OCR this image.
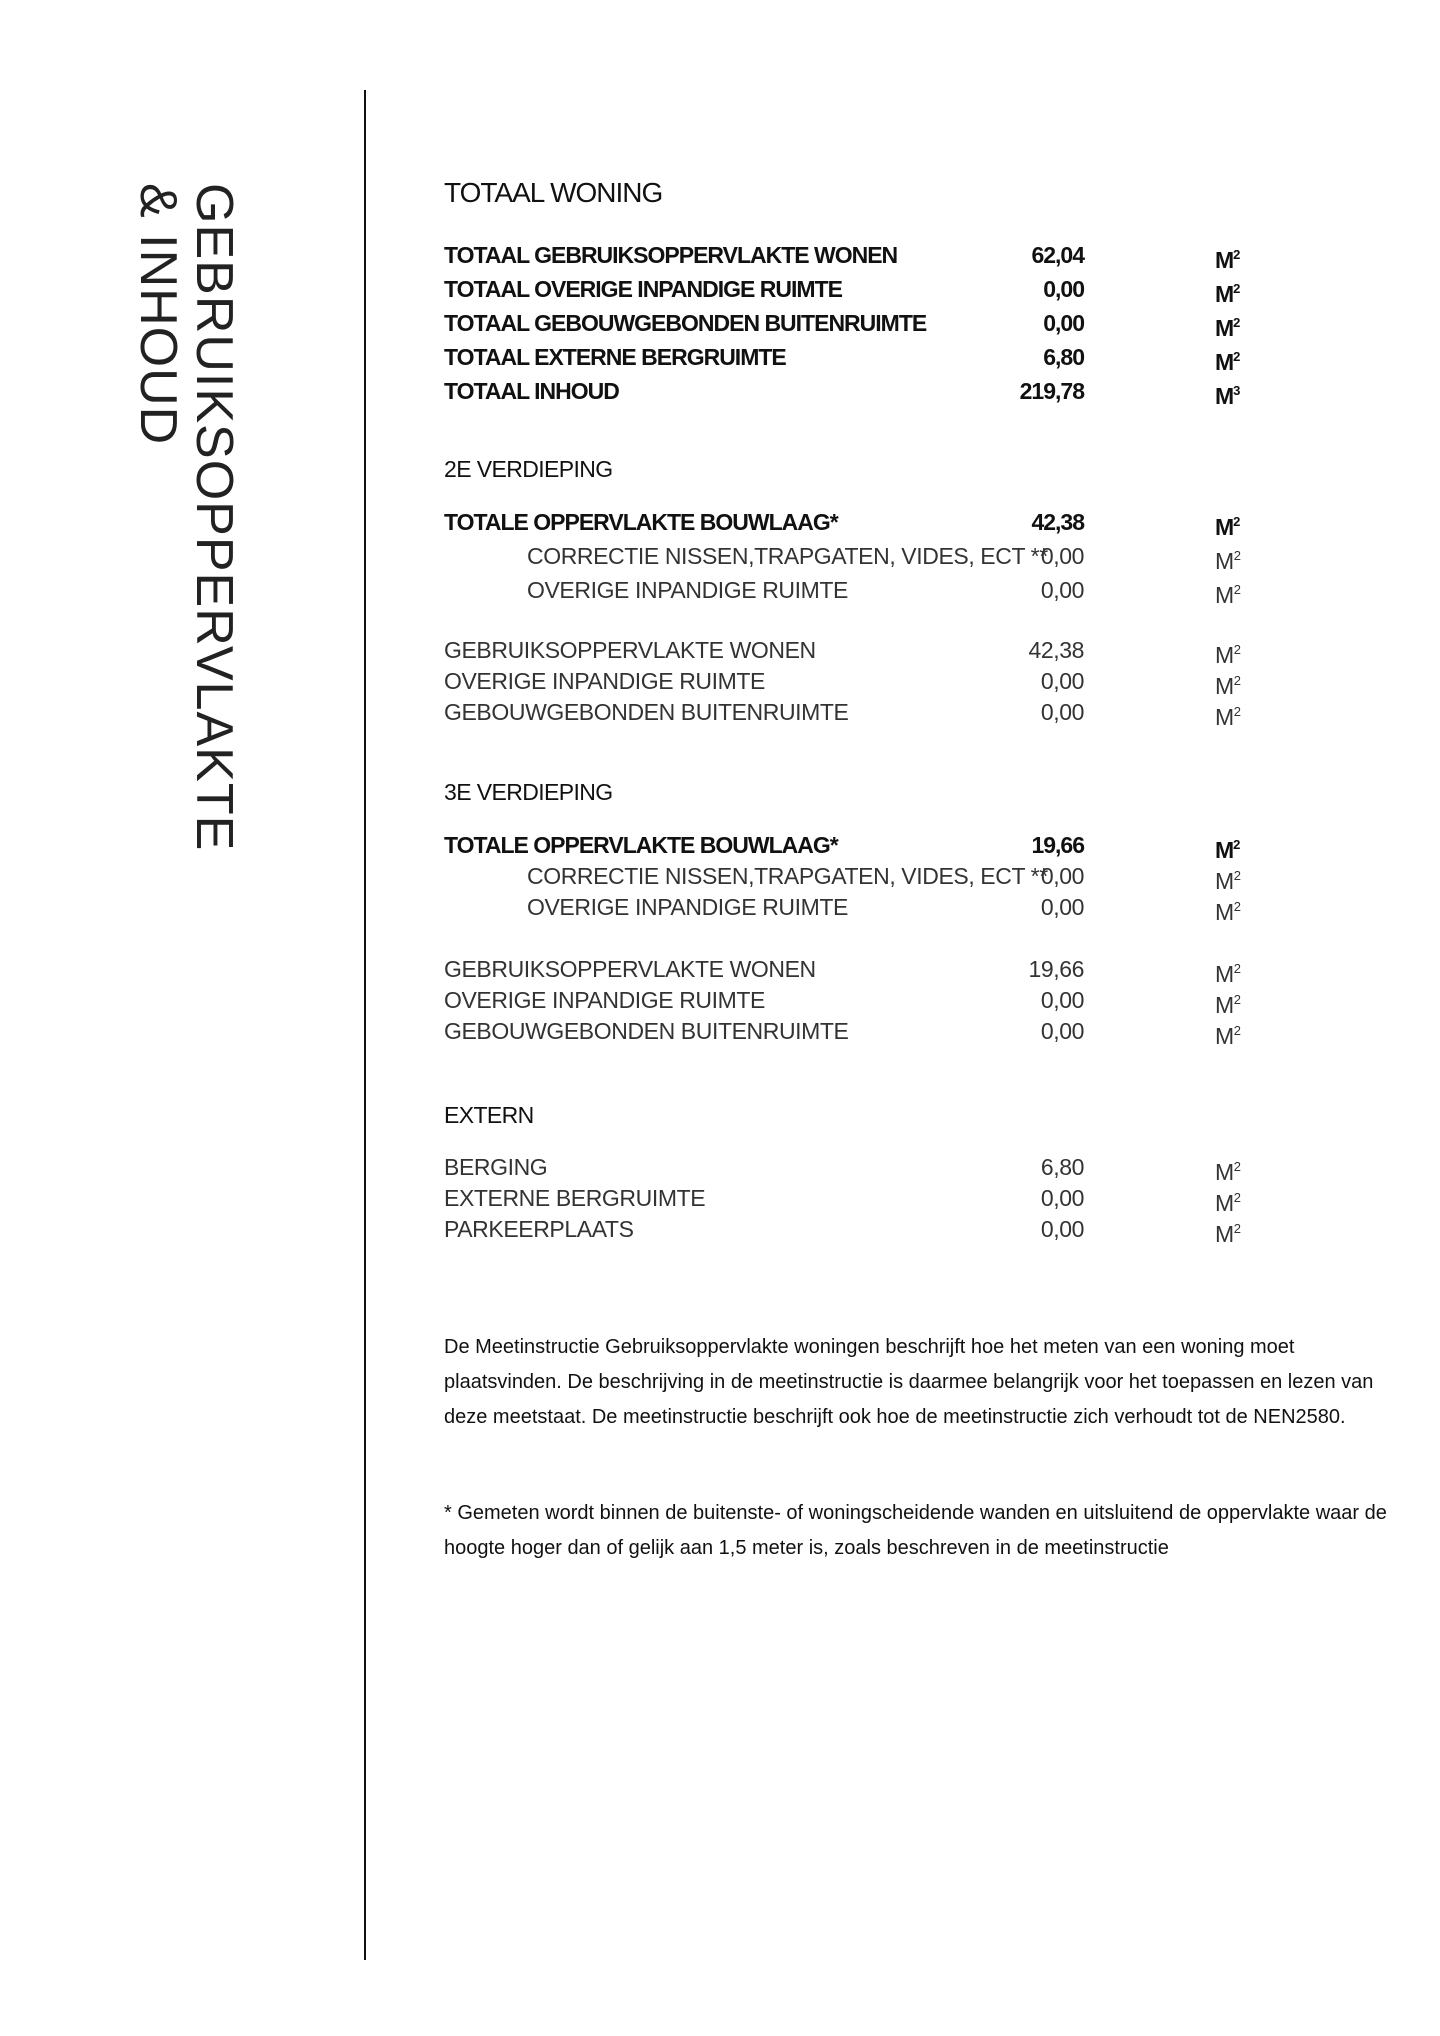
GEBRUIKSOPPERVLAKTE
& INHOUD	TOTAAL WONING
TOTAAL GEBRUIKSOPPERVLAKTE WONEN	62,04	$M^2$
TOTAAL OVERIGE INPANDIGE RUIMTE	0,00	$M^2$
TOTAAL GEBOUWGEBONDEN BUITENRUIMTE	0,00	$M^2$
TOTAAL EXTERNE BERGRUIMTE	6,80	$M^2$
TOTAAL INHOUD	219,78	$M^3$
2E VERDIEPING
TOTALE OPPERVLAKTE BOUWLAAG*	42,38	$M^2$
CORRECTIE NISSEN,TRAPGATEN, VIDES, ECT **
0,00	$M^2$
OVERIGE INPANDIGE RUIMTE	0,00	$M^2$
GEBRUIKSOPPERVLAKTE WONEN	42,38	$M^2$
OVERIGE INPANDIGE RUIMTE	0,00	$M^2$
GEBOUWGEBONDEN BUITENRUIMTE	0,00	$M^2$
3E VERDIEPING
TOTALE OPPERVLAKTE BOUWLAAG*	19,66	$M^2$
CORRECTIE NISSEN,TRAPGATEN, VIDES, ECT **
0,00	$M^2$
OVERIGE INPANDIGE RUIMTE	0,00	$M^2$
GEBRUIKSOPPERVLAKTE WONEN	19,66	$M^2$
OVERIGE INPANDIGE RUIMTE	0,00	$M^2$
GEBOUWGEBONDEN BUITENRUIMTE	0,00	$M^2$
EXTERN
BERGING	6,80	$M^2$
EXTERNE BERGRUIMTE	0,00	$M^2$
PARKEERPLAATS	0,00	$M^2$

De Meetinstructie Gebruiksoppervlakte woningen beschrijft hoe het meten van een woning moet plaatsvinden. De beschrijving in de meetinstructie is daarmee belangrijk voor het toepassen en lezen van deze meetstaat. De meetinstructie beschrijft ook hoe de meetinstructie zich verhoudt tot de NEN2580.

* Gemeten wordt binnen de buitenste- of woningscheidende wanden en uitsluitend de oppervlakte waar de hoogte hoger dan of gelijk aan 1,5 meter is, zoals beschreven in de meetinstructie
